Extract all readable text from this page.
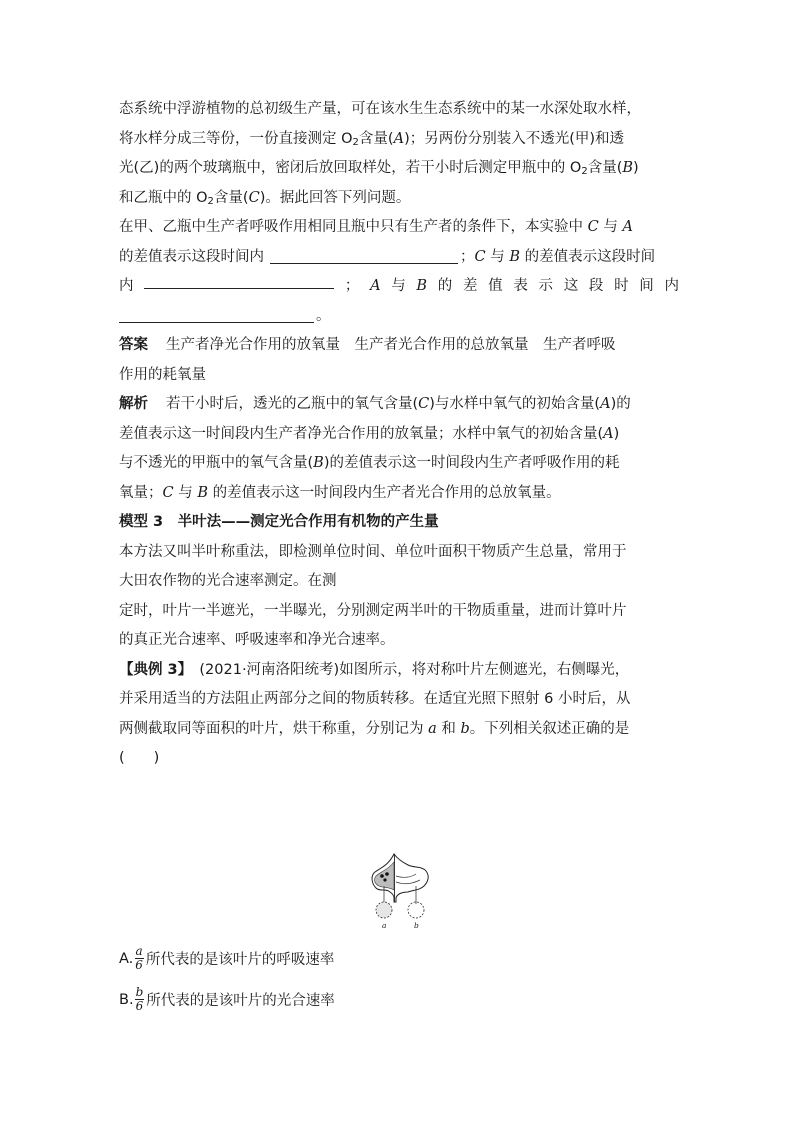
态系统中浮游植物的总初级生产量，可在该水生生态系统中的某一水深处取水样，
将水样分成三等份，一份直接测定 $O_2$含量(A)；另两份分别装入不透光(甲)和透
光(乙)的两个玻璃瓶中，密闭后放回取样处，若干小时后测定甲瓶中的 $O_2$含量(B)
和乙瓶中的 $O_2$含量(C)。据此回答下列问题。
在甲、乙瓶中生产者呼吸作用相同且瓶中只有生产者的条件下，本实验中 C 与 A
的差值表示这段时间内	；C 与 B 的差值表示这段时间
内	； A 与 B 的 差 值 表 示 这 段 时 间 内
。
答案 生产者净光合作用的放氧量　生产者光合作用的总放氧量　生产者呼吸
作用的耗氧量
解析 若干小时后，透光的乙瓶中的氧气含量(C)与水样中氧气的初始含量(A)的
差值表示这一时间段内生产者净光合作用的放氧量；水样中氧气的初始含量(A)
与不透光的甲瓶中的氧气含量(B)的差值表示这一时间段内生产者呼吸作用的耗
氧量；C 与 B 的差值表示这一时间段内生产者光合作用的总放氧量。
模型 3　半叶法——测定光合作用有机物的产生量
本方法又叫半叶称重法，即检测单位时间、单位叶面积干物质产生总量，常用于
大田农作物的光合速率测定。在测
定时，叶片一半遮光，一半曝光，分别测定两半叶的干物质重量，进而计算叶片
的真正光合速率、呼吸速率和净光合速率。
【典例 3】　(2021·河南洛阳统考)如图所示，将对称叶片左侧遮光，右侧曝光，
并采用适当的方法阻止两部分之间的物质转移。在适宜光照下照射 6 小时后，从
两侧截取同等面积的叶片，烘干称重，分别记为 a 和 b。下列相关叙述正确的是
(　　)
a	b
A. $\frac{a}{6}$ 所代表的是该叶片的呼吸速率
B. $\frac{b}{6}$ 所代表的是该叶片的光合速率
